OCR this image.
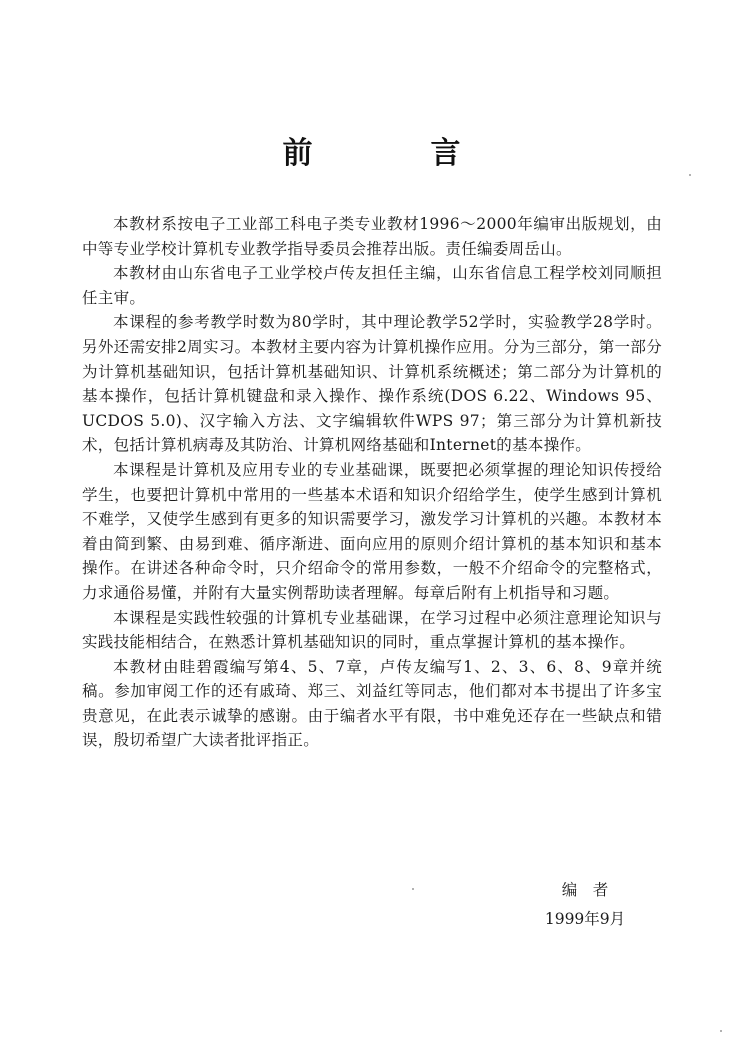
前　言

本教材系按电子工业部工科电子类专业教材1996～2000年编审出版规划，由中等专业学校计算机专业教学指导委员会推荐出版。责任编委周岳山。

本教材由山东省电子工业学校卢传友担任主编，山东省信息工程学校刘同顺担任主审。

本课程的参考教学时数为80学时，其中理论教学52学时，实验教学28学时。另外还需安排2周实习。本教材主要内容为计算机操作应用。分为三部分，第一部分为计算机基础知识，包括计算机基础知识、计算机系统概述；第二部分为计算机的基本操作，包括计算机键盘和录入操作、操作系统(DOS 6.22、Windows 95、UCDOS 5.0)、汉字输入方法、文字编辑软件WPS 97；第三部分为计算机新技术，包括计算机病毒及其防治、计算机网络基础和Internet的基本操作。

本课程是计算机及应用专业的专业基础课，既要把必须掌握的理论知识传授给学生，也要把计算机中常用的一些基本术语和知识介绍给学生，使学生感到计算机不难学，又使学生感到有更多的知识需要学习，激发学习计算机的兴趣。本教材本着由简到繁、由易到难、循序渐进、面向应用的原则介绍计算机的基本知识和基本操作。在讲述各种命令时，只介绍命令的常用参数，一般不介绍命令的完整格式，力求通俗易懂，并附有大量实例帮助读者理解。每章后附有上机指导和习题。

本课程是实践性较强的计算机专业基础课，在学习过程中必须注意理论知识与实践技能相结合，在熟悉计算机基础知识的同时，重点掌握计算机的基本操作。

本教材由眭碧霞编写第4、5、7章，卢传友编写1、2、3、6、8、9章并统稿。参加审阅工作的还有戚琦、郑三、刘益红等同志，他们都对本书提出了许多宝贵意见，在此表示诚挚的感谢。由于编者水平有限，书中难免还存在一些缺点和错误，殷切希望广大读者批评指正。

编　者
1999年9月
